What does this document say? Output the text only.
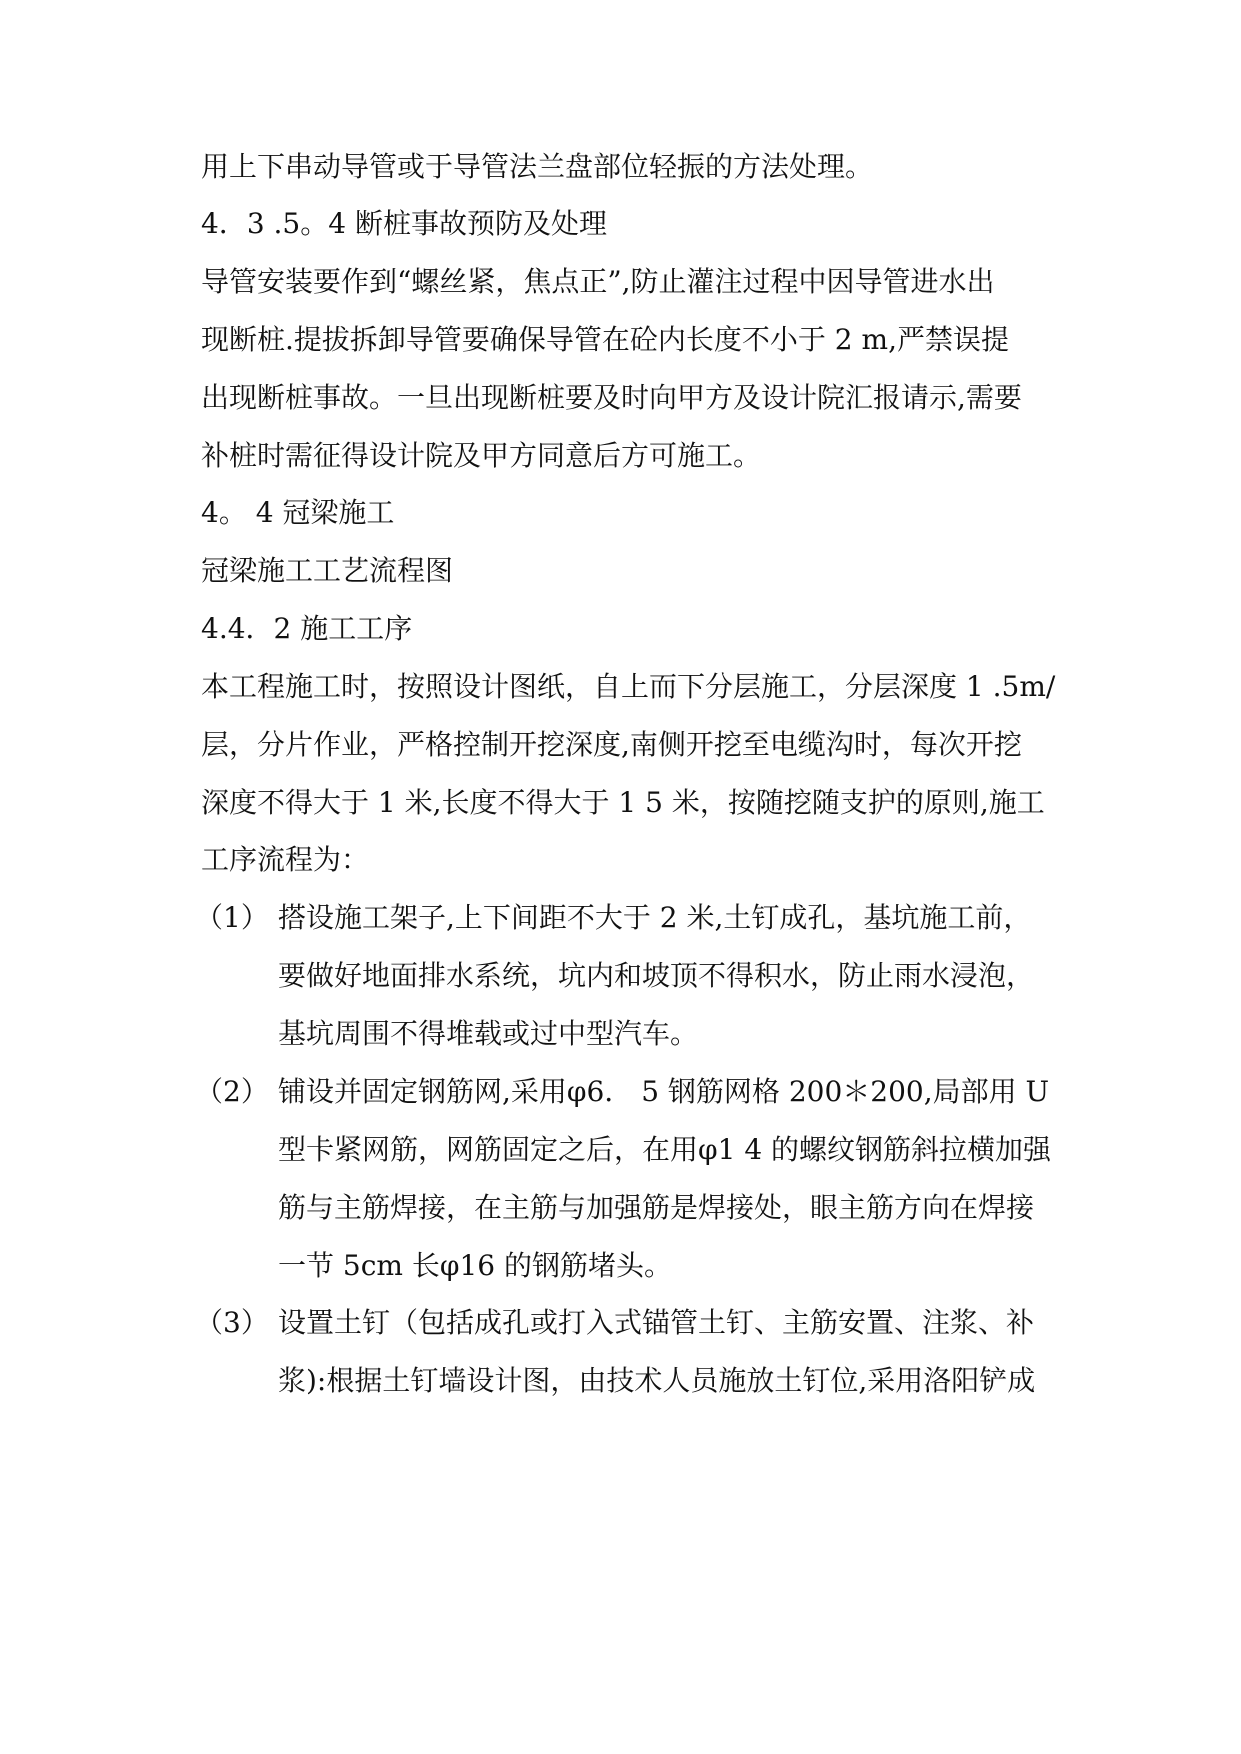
用上下串动导管或于导管法兰盘部位轻振的方法处理。
4．3 .5。4 断桩事故预防及处理
导管安装要作到“螺丝紧，焦点正”,防止灌注过程中因导管进水出
现断桩.提拔拆卸导管要确保导管在砼内长度不小于 2 m,严禁误提
出现断桩事故。一旦出现断桩要及时向甲方及设计院汇报请示,需要
补桩时需征得设计院及甲方同意后方可施工。
4。 4 冠梁施工
冠梁施工工艺流程图
4.4．2 施工工序
本工程施工时，按照设计图纸，自上而下分层施工，分层深度 1 .5m/
层，分片作业，严格控制开挖深度,南侧开挖至电缆沟时，每次开挖
深度不得大于 1 米,长度不得大于 1 5 米，按随挖随支护的原则,施工
工序流程为：
（1） 搭设施工架子,上下间距不大于 2 米,土钉成孔，基坑施工前，
要做好地面排水系统，坑内和坡顶不得积水，防止雨水浸泡，
基坑周围不得堆载或过中型汽车。
（2） 铺设并固定钢筋网,采用φ6． 5 钢筋网格 200＊200,局部用 U
型卡紧网筋，网筋固定之后，在用φ1 4 的螺纹钢筋斜拉横加强
筋与主筋焊接，在主筋与加强筋是焊接处，眼主筋方向在焊接
一节 5cm 长φ16 的钢筋堵头。
（3） 设置土钉（包括成孔或打入式锚管土钉、主筋安置、注浆、补
浆):根据土钉墙设计图，由技术人员施放土钉位,采用洛阳铲成
